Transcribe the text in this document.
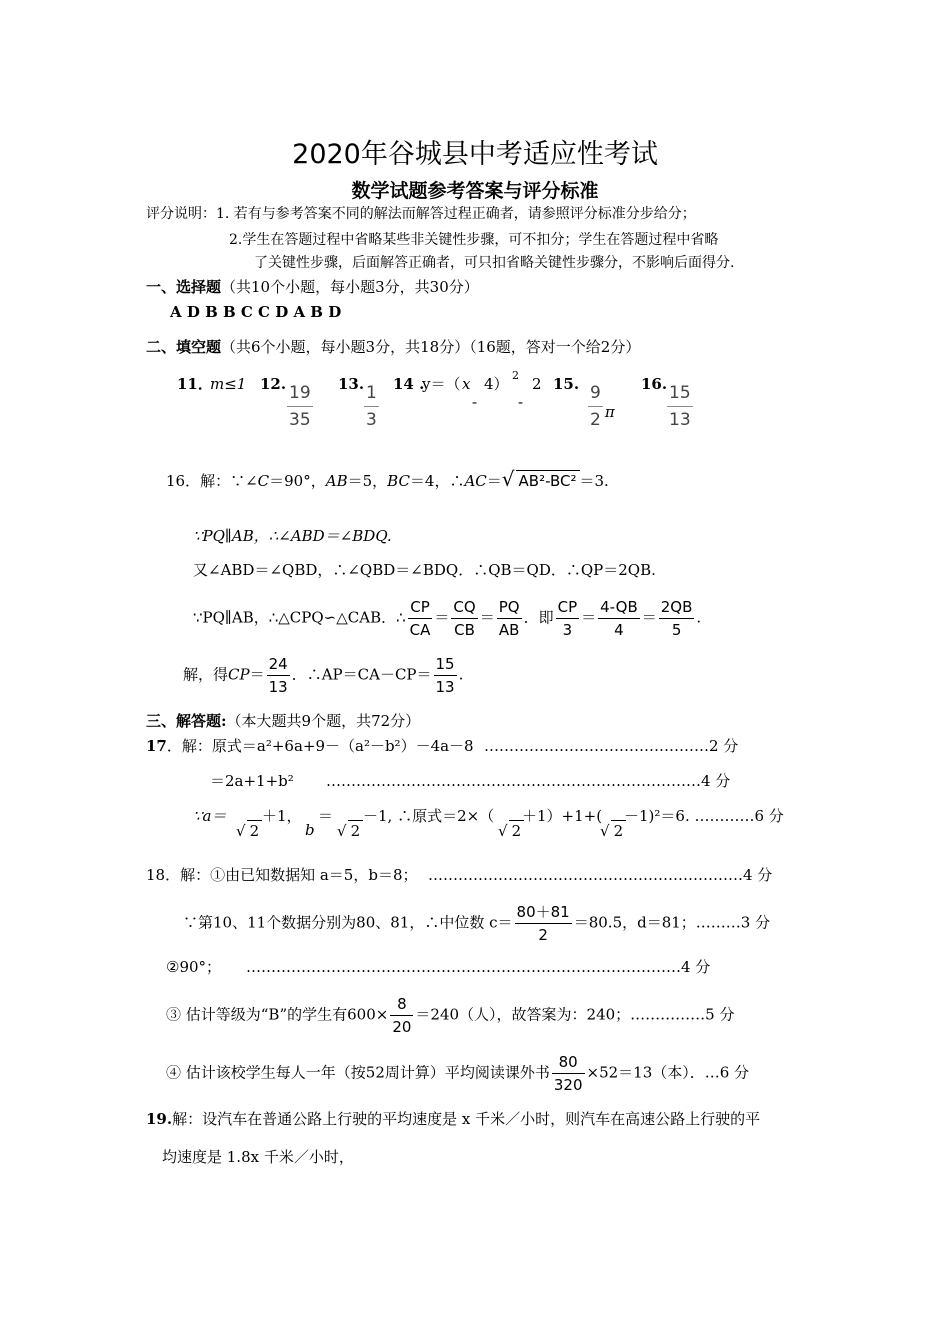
2020年谷城县中考适应性考试
数学试题参考答案与评分标准
评分说明：1. 若有与参考答案不同的解法而解答过程正确者，请参照评分标准分步给分；
2.学生在答题过程中省略某些非关键性步骤，可不扣分；学生在答题过程中省略
了关键性步骤，后面解答正确者，可只扣省略关键性步骤分，不影响后面得分.
一、选择题（共10个小题，每小题3分，共30分）
A D B B C C D A B D
二、填空题（共6个小题，每小题3分，共18分）（16题，答对一个给2分）
11．
m≤1 12. $\frac{19}{35} 13$. $\frac{1}{3} 14$ .
y＝（ x
-
4） 2
-
2 15. $\frac{9}{2}$ π
16. $\frac{15}{13}$
16．解：∵∠C＝90°，AB＝5，BC＝4，∴AC＝√ AB²-BC² ＝3.
∵PQ∥AB，∴∠ABD＝∠BDQ.
又∠ABD＝∠QBD，∴∠QBD＝∠BDQ．∴QB＝QD．∴QP＝2QB.
∵PQ∥AB，∴△CPQ∽△CAB．∴ $\frac{CP}{CA} = \frac{CQ}{CB} = \frac{PQ}{AB}$ ．即 $\frac{CP}{3} = \frac{4-QB}{4} = \frac{2QB}{5}$ .
解，得$CP= \frac{24}{13}$ ．∴AP＝CA－CP＝ $\frac{15}{13}$ .
三、解答题:（本大题共9个题，共72分）
17．解：原式＝a²+6a+9－（a²－b²）－4a－8 ………………………………………2 分
＝2a+1+b² …………………………………………………………………4 分
∵a＝
√ 2
＋1，
b
＝
√ 2
－1, ∴原式＝2×（
√ 2
＋1）+1+(
√ 2
－1)²＝6. …………6 分
18．解：①由已知数据知 a＝5，b＝8； ………………………………………………………4 分
∵第10、11个数据分别为80、81，∴中位数 $c= \frac{80+81}{2} =80.5$，d＝81；………3 分
②90°； ……………………………………………………………………………4 分
③ 估计等级为“B”的学生有$600\times \frac{8}{20} =240$（人），故答案为：240；……………5 分
④ 估计该校学生每人一年（按52周计算）平均阅读课外书 $\frac{80}{320} \times 52=13$（本）．…6 分
19.解：设汽车在普通公路上行驶的平均速度是 x 千米／小时，则汽车在高速公路上行驶的平
均速度是 1.8x 千米／小时，
